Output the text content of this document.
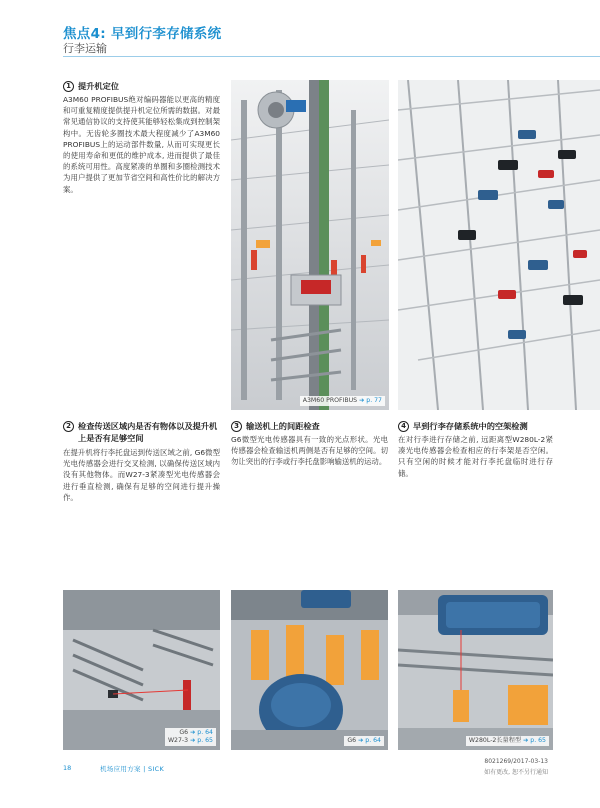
焦点4: 早到行李存储系统
行李运输
1 提升机定位
A3M60 PROFIBUS绝对编码器能以更高的精度和可重复精度提供提升机定位所需的数据。对最常见通信协议的支持使其能够轻松集成到控制架构中。无齿轮多圈技术最大程度减少了A3M60 PROFIBUS上的运动部件数量, 从而可实现更长的使用寿命和更低的维护成本, 进而提供了最佳的系统可用性。高度紧凑的单圈和多圈检测技术为用户提供了更加节省空间和高性价比的解决方案。
A3M60 PROFIBUS ➔ p. 77
2 检查传送区域内是否有物体以及提升机上是否有足够空间
在提升机将行李托盘运到传送区域之前, G6微型光电传感器会进行交叉检测, 以确保传送区域内没有其他物体。而W27-3紧凑型光电传感器会进行垂直检测, 确保有足够的空间进行提升操作。
3 输送机上的间距检查
G6微型光电传感器具有一致的光点形状。光电传感器会检查输送机两侧是否有足够的空间。切勿让突出的行李或行李托盘影响输送机的运动。
4 早到行李存储系统中的空架检测
在对行李进行存储之前, 远距离型W280L-2紧凑光电传感器会检查相应的行李架是否空闲。只有空闲的时候才能对行李托盘临时进行存储。
G6 ➔ p. 64
W27-3 ➔ p. 65	G6 ➔ p. 64	W280L-2长量程型 ➔ p. 65
18	机场应用方案 | SICK
8021269/2017-03-13
如有更改, 恕不另行通知
